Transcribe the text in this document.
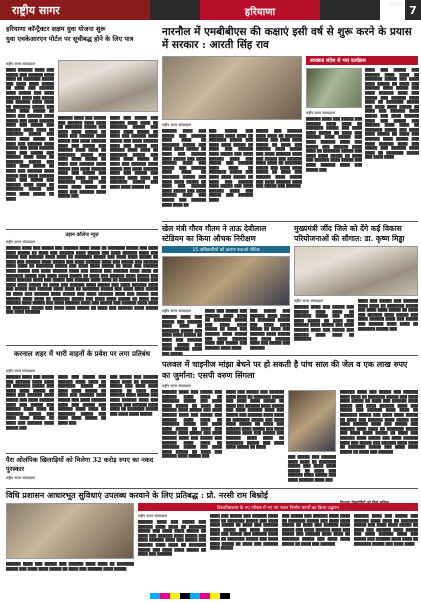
राष्ट्रीय सागर	हरियाणा
नई दिल्ली 7
हरियाणा कॉन्ट्रैक्टर सक्षम युवा योजना शुरू
युवा एचकेआरएन पोर्टल पर सूचीबद्ध होने के लिए पात्र
राष्ट्रीय सागर संवाददाता
████ ██████ ████ ███ █████ ███ ██████ ████ ████ ██ ███████ █████ ███ ████ ████ █████ ██ ████ ███ ██████ ████ █████ ███ ████ ██████ ████ ███ █████ ███ ██████ ████ ████ ██ ███████ █████ ███ ████ ████ █████ ██ ████ ███ ██████ ████ █████ ███ ████ ██████ ████ ███ █████ ███ ██████ ████ ████ ██ ███████ █████ ███ ████ ████ █████ ██ ████ ███ ██████ ████ █████ ███ ████ ██████ ████ ███ █████ ███ ██████ ████ ████ ██ ███████ █████ ███ ████ ████ █████ ██ ████ ███ ██████ ████ █████ ███ ████ ██████ ████ ███ █████ ███ ██████ ████ ████ ██ ███████ █████ ███ ████ ████ █████ ██ ████
██████ ████ ███ █████ ███ ██████ ████ ████ ██ ███████ █████ ███ ████ ████ █████ ██ ████ ███ ██████ ████ █████ ███ ████ ██████ ████ ███ █████ ███ ██████ ████ ████ ██ ███████ █████ ███ ████ ████ █████ ██ ████ ███ ██████ ████ █████ ███ ████ ██████ ████ ███ █████ ███ ██████ ████ ████ ██ ███████ █████ ███ ████ ████ █████ ██ ████ ███ ██████ ████ █████ ███
████ ███ █████ ███ ██████ ████ ████ ██ ███████ █████ ███ ████ ████ █████ ██ ████ ███ ██████ ████ █████ ███ ████ ██████ ████ ███ █████ ███ ██████ ████ ████ ██ ███████ █████ ███ ████ ████ █████ ██ ████ ███ ██████ ████ █████ ███ ████ ██████ ████ ███ █████ ███ ██████ ████ ████ ██ ███████ █████ ███ ████ ████ █████ ██
नारनौल में एमबीबीएस की कक्षाएं इसी वर्ष से शुरू करने के प्रयास में सरकार : आरती सिंह राव
राष्ट्रीय सागर संवाददाता
██████ ████ ███ █████ ███ ██████ ████ ████ ██ ███████ █████ ███ ████ ████ █████ ██ ████ ███ ██████ ████ █████ ███ ████ ██████ ████ ███ █████ ███ ██████ ████ ████ ██ ███████ █████ ███ ████ ████ █████ ██ ████ ███ ██████ ████ █████ ███ ████ ██████ ████ ███ █████ ███ ██████ ████ ████ ██
███ █████ ███ ██████ ████ ████ ██ ███████ █████ ███ ████ ████ █████ ██ ████ ███ ██████ ████ █████ ███ ████ ██████ ████ ███ █████ ███ ██████ ████ ████ ██ ███████ █████ ███ ████ ████ █████ ██ ████ ███ ██████ ████ █████ ███ ████ ██████ ████ ███ █████ ███ ██████ ████
█████ ███ ██████ ████ ████ ██ ███████ █████ ███ ████ ████ █████ ██ ████ ███ ██████ ████ █████ ███ ████ ██████ ████ ███ █████ ███ ██████ ████ ████ ██ ███████ █████ ███ ████ ████ █████ ██ ████ ███ ██████ ████ █████ ███ ████ ██████ ████ ███ █████ ███ ██████
स्वच्छता संदेश से भरा कार्यक्रम
████ ███ █████ ███ ██████ ████ ████ ██ ███████ █████ ███ ████ ████ █████ ██ ████ ███ ██████ ████ █████ ███ ████ ██████ ████ ███ █████ ███ ██████ ████ ████ ██ ███████ █████ ███ ████ ████ █████ ██ ████ ███ ██████ ████ █████ ███ ████ ██████ ████ ███ █████ ███ ██████ ████ ████ ██ ███████ █████ ███ ████ ████ █████ ██ ████ ███ ██████ ████ █████ ███ ████ ██████ ████ ███ █████ ███ ██████ ████ ████ ██ ███████ █████ ███ ████ ████
राष्ट्रीय सागर संवाददाता
██████ ████ ███ █████ ███ ██████ ████ ████ ██ ███████ █████ ███ ████ ████ █████ ██ ████ ███ ██████ ████ █████ ███ ████ ██████ ████ ███ █████ ███ ██████ ████ ████ ██ ███████ █████ ███ ████ ████ █████ ██ ████ ███ ██████ ████ █████ ███ ████ ██████ ████ ███ █████ ███
उड़ान कॉलेज न्यूज़
राष्ट्रीय सागर संवाददाता
██████ ████ ███ █████ ███ ██████ ████ ████ ██ ███████ █████ ███ ████ ████ █████ ██ ████ ███ ██████ ████ █████ ███ ████ ██████ ████ ███ █████ ███ ██████ ████ ████ ██ ███████ █████ ███ ████ ████ █████ ██ ████ ███ ██████ ████ █████ ███ ████ ██████ ████ ███ █████ ███ ██████ ████ ████ ██ ███████ █████ ███ ████ ████ █████ ██ ████ ███ ██████ ████ █████ ███ ████ ██████ ████ ███ █████ ███ ██████ ████ ████ ██ ███████ █████ ███ ████ ████ █████ ██ ████ ███ ██████ ████ █████ ███ ████ ██████ ████ ███ █████ ███ ██████ ████ ████ ██ ███████ █████ ███ ████ ████ █████ ██ ████ ███ ██████ ████ █████ ███ ████ ██████ ████ ███ █████ ███ ██████ ████ ████ ██ ███████ █████ ███ ████ ████ █████ ██ ████ ███ ██████ ████ █████ ███ ████ ██████ ████ ███ █████ ███ ██████ ████ ████ ██ ███████ █████ ███ ████ ████ █████ ██ ████ ███ ██████ ████ █████ ███ ████ ██████ ████ ███ █████ ███ ██████ ████ ████ ██ ███████ █████ ███ ████ ████ █████ ██ ████ ███ ██████ ████ █████ ███ ████ ██████
खेल मंत्री गौरव गौतम ने ताऊ देवीलाल स्टेडियम का किया औचक निरीक्षण
15 अधिकारियों को कारण बताओ नोटिस
राष्ट्रीय सागर संवाददाता
██████ ████ ███ █████ ███ ██████ ████ ████ ██ ███████ █████ ███ ████ ████ █████ ██ ████ ███ ██████ ████ █████ ███ ████ ██████ ████ ███ █████
████ ███ █████ ███ ██████ ████ ████ ██ ███████ █████ ███ ████ ████ █████ ██ ████ ███ ██████ ████ █████ ███ ████ ██████ ████ ███ █████ ███ ██████ ████ ████
███ █████ ███ ██████ ████ ████ ██ ███████ █████ ███ ████ ████ █████ ██ ████ ███ ██████ ████ █████ ███ ████ ██████ ████ ███ █████ ███ ██████
मुख्यमंत्री जींद जिले को देंगे कई विकास परियोजनाओं की सौगात: डा. कृष्ण मिड्ढा
राष्ट्रीय सागर संवाददाता
██████ ████ ███ █████ ███ ██████ ████ ████ ██ ███████ █████ ███ ████ ████ █████ ██ ████ ███ ██████ ████ █████ ███ ████ ██████ ████ ███ █████ ███ ██████ ████ ████ ██ ███████
████ ███ █████ ███ ██████ ████ ████ ██ ███████ █████ ███ ████ ████ █████ ██ ████ ███ ██████ ████ █████ ███ ████ ██████ ████ ███ █████ ███ ██████ ████ ████ ██ ███████ █████ ███
करनाल शहर में भारी वाहनों के प्रवेश पर लगा प्रतिबंध
राष्ट्रीय सागर संवाददाता
██████ ████ ███ █████ ███ ██████ ████ ████ ██ ███████ █████ ███ ████ ████ █████ ██ ████ ███ ██████ ████ █████ ███ ████ ██████ ████ ███ █████ ███ ██████ ████ ████ ██ ███████ █████ ███ ████ ████ █████ ██ ████ ███ ██████ ████ █████ ███
████ ███ █████ ███ ██████ ████ ████ ██ ███████ █████ ███ ████ ████ █████ ██ ████ ███ ██████ ████ █████ ███ ████ ██████ ████ ███ █████ ███ ██████ ████ ████ ██ ███████ █████ ███ ████ ████ █████ ██ ████ ███
███ █████ ███ ██████ ████ ████ ██ ███████ █████ ███ ████ ████ █████ ██ ████ ███ ██████ ████ █████ ███ ████ ██████ ████ ███ █████ ███ ██████ ████ ████ ██ ███████ █████ ███ ████ ████ █████
पलवल में चाइनीज मांझा बेचने पर हो सकती है पांच साल की जेल व एक लाख रुपए का जुर्माना: एसपी वरुण सिंगला
राष्ट्रीय सागर संवाददाता
██████ ████ ███ █████ ███ ██████ ████ ████ ██ ███████ █████ ███ ████ ████ █████ ██ ████ ███ ██████ ████ █████ ███ ████ ██████ ████ ███ █████ ███ ██████ ████ ████ ██ ███████ █████ ███ ████ ████ █████ ██ ████ ███ ██████ ████ █████ ███ ████ ██████ ████ ███ █████ ███ ██████ ████ ████ ██ ███████ █████ ███ ████ ████ █████ ██ ████ ███ ██████ ████ █████ ███
████ ███ █████ ███ ██████ ████ ████ ██ ███████ █████ ███ ████ ████ █████ ██ ████ ███ ██████ ████ █████ ███ ████ ██████ ████ ███ █████ ███ ██████ ████ ████ ██ ███████ █████ ███ ████ ████ █████ ██ ████ ███ ██████ ████ █████ ███ ████ ██████ ████ ███ █████ ███ ██████ ████ ████ ██ ███████ █████ ███ ████ ████ █████ ██ ████
███ █████ ███ ██████ ████ ████ ██ ███████ █████ ███ ████ ████ █████ ██ ████ ███ ██████ ████ █████ ███ ████ ██████ ████ ███
██████ ████ ███ █████ ███ ██████ ████ ████ ██ ███████ █████ ███ ████ ████ █████ ██ ████ ███ ██████ ████ █████ ███ ████ ██████ ████ ███ █████ ███ ██████ ████ ████ ██ ███████ █████ ███ ████ ████ █████ ██ ████ ███ ██████ ████ █████ ███ ████ ██████ ████ ███ █████ ███ ██████ ████ ████ ██ ███████ █████ ███ ████ ████ █████ ██ ████ ███ ██████ ████ █████ ███ ████ ██████ ████ ███ █████ ███ ██████ ████ ████ ██ ███████ █████ ███ ████ ████ █████ ██ ████ ███ ██████
पैरा ओलंपिक खिलाड़ियों को मिलेगा 32 करोड़ रुपए का नकद पुरस्कार
राष्ट्रीय सागर संवाददाता
विधि प्रशासन आधारभूत सुविधाएं उपलब्ध करवाने के लिए प्रतिबद्ध : प्रो. नरसी राम बिश्नोई
विश्वविद्यालय के नए परिसर में नए नए भवन निर्माण कार्यों का किया उद्घाटन
राष्ट्रीय सागर संवाददाता
██████ ████ ███ █████ ███ ██████ ████ ████ ██ ███████ █████ ███ ████ ████ █████ ██ ████ ███ ██████ ████ █████ ███ ████ ██████ ████ ███ █████ ███ ██████ ████ ████ ██ ███████ █████ ███ ████ ████ █████ ██ ████ ███ ██████
████ ███ █████ ███ ██████ ████ ████ ██ ███████ █████ ███ ████ ████ █████ ██ ████ ███ ██████ ████ █████ ███ ████ ██████ ████ ███ █████ ███ ██████ ████ ████ ██ ███████ █████ ███ ████ ████ █████ ██ ████ ███ ██████ ████ █████
███ █████ ███ ██████ ████ ████ ██ ███████ █████ ███ ████ ████ █████ ██ ████ ███ ██████ ████ █████ ███ ████ ██████ ████ ███ █████ ███ ██████ ████ ████ ██ ███████ █████ ███ ████ ████ █████ ██ ████ ███ ██████
██████ ████ ███ █████ ███ ██████ ████ ████ ██ ███████ █████ ███ ████ ████ █████ ██ ████ ███ ██████ ████ █████ ███ ████ ██████ ████ ███ █████ ███ ██████ ████ ████ ██ ███████ █████ ███ ████ ████
██████ ████ ███ █████ ███ ██████ ████ ████ ██ ███████ █████ ███ ████ ████ █████ ██ ████ ███ ██████ ████ █████
